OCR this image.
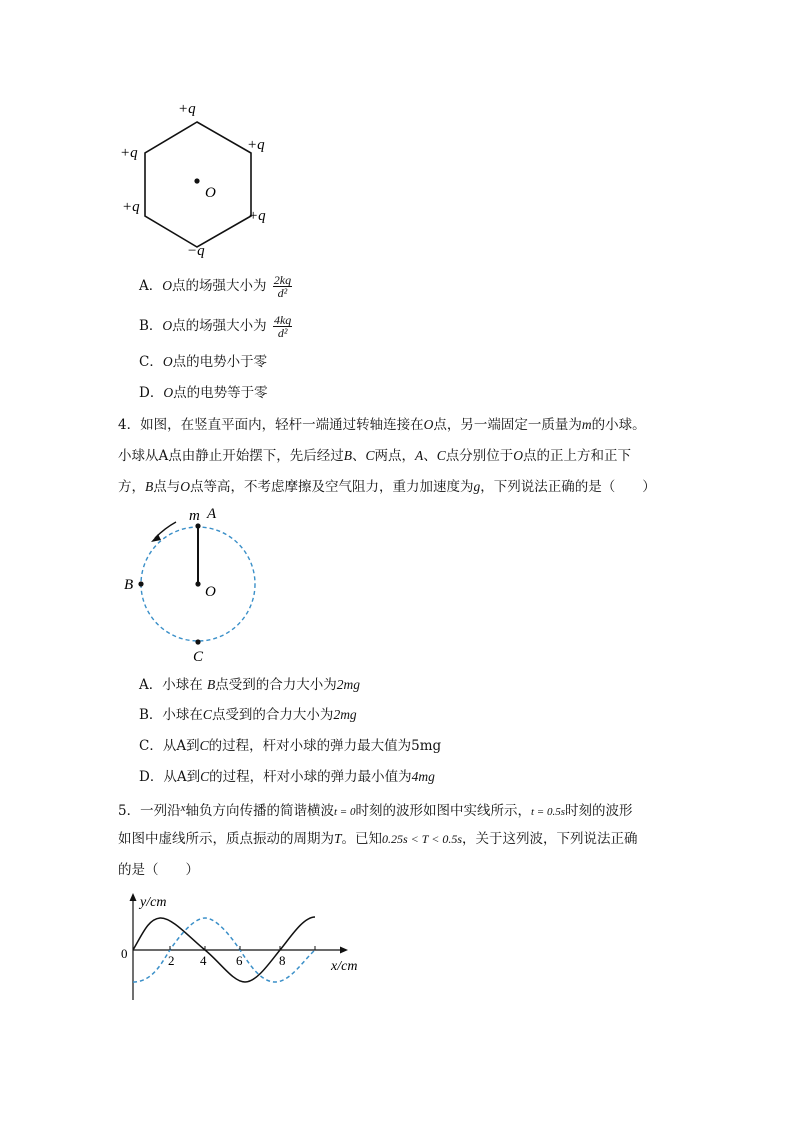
+q
+q	+q
+q
+q
−q
O
A．O点的场强大小为 $\frac{2kq}{\text{d²}}$
B．O点的场强大小为 $\frac{4kq}{\text{d²}}$
C．O点的电势小于零
D．O点的电势等于零
4．如图，在竖直平面内，轻杆一端通过转轴连接在O点，另一端固定一质量为m的小球。
小球从A点由静止开始摆下，先后经过B、C两点，A、C点分别位于O点的正上方和正下
方，B点与O点等高，不考虑摩擦及空气阻力，重力加速度为g，下列说法正确的是（　　）
m A
B	O
C
A．小球在 B点受到的合力大小为2mg
B．小球在C点受到的合力大小为2mg
C．从A到C的过程，杆对小球的弹力最大值为5mg
D．从A到C的过程，杆对小球的弹力最小值为4mg
5．一列沿$^x$轴负方向传播的简谐横波t = 0时刻的波形如图中实线所示，t = 0.5s时刻的波形
如图中虚线所示，质点振动的周期为T。已知0.25s < T < 0.5s，关于这列波，下列说法正确
的是（　　）
y/cm
x/cm
0	2 4 6	8
